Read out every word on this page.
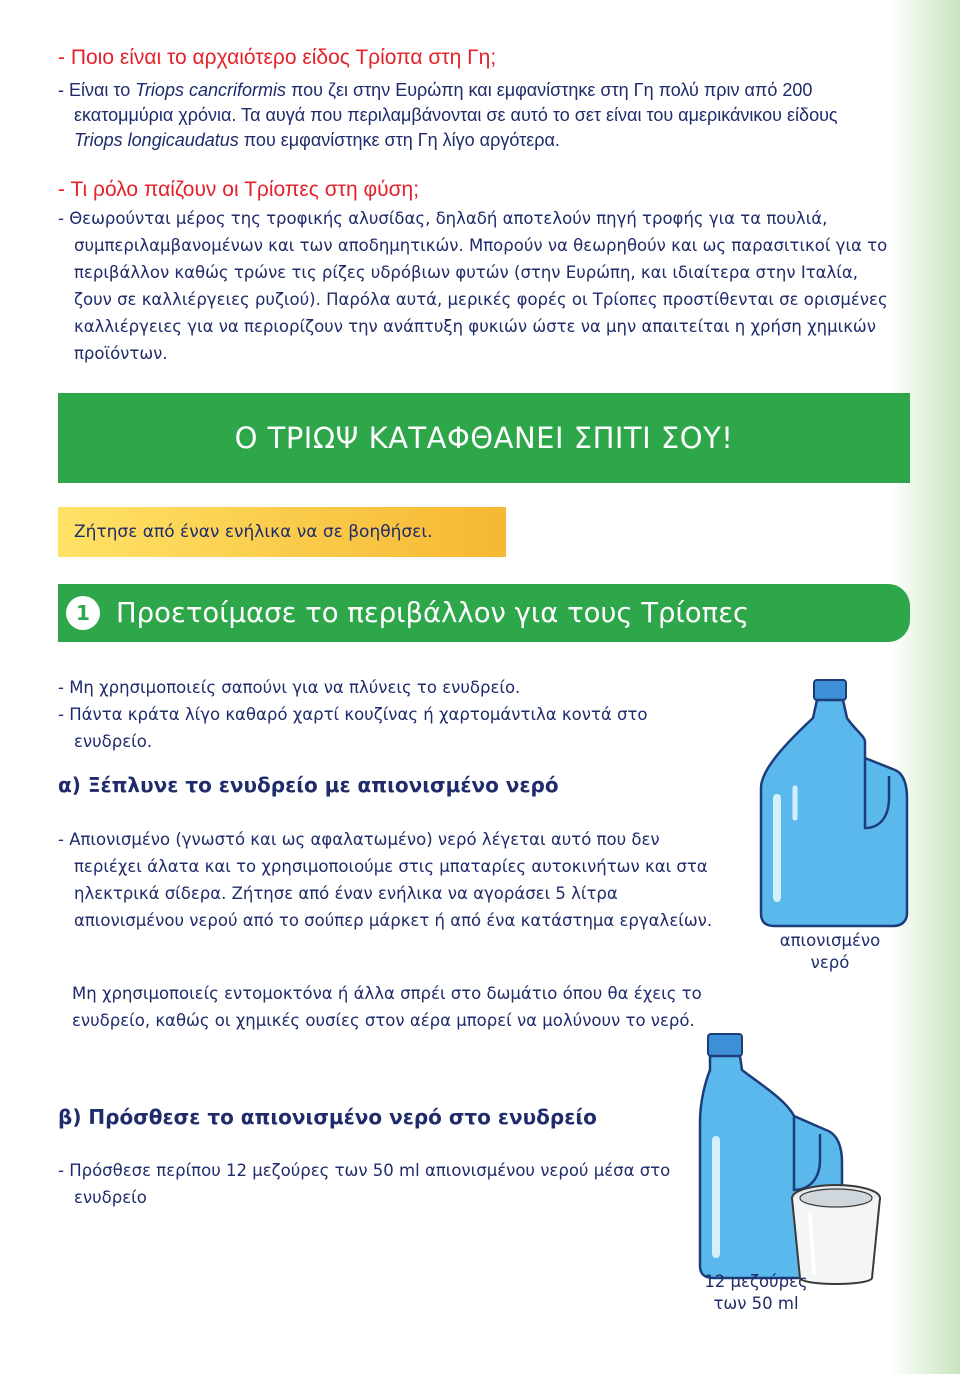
- Ποιο είναι το αρχαιότερο είδος Τρίοπα στη Γη;

- Είναι το Triops cancriformis που ζει στην Ευρώπη και εμφανίστηκε στη Γη πολύ πριν από 200 εκατομμύρια χρόνια. Τα αυγά που περιλαμβάνονται σε αυτό το σετ είναι του αμερικάνικου είδους Triops longicaudatus που εμφανίστηκε στη Γη λίγο αργότερα.

- Τι ρόλο παίζουν οι Τρίοπες στη φύση;

- Θεωρούνται μέρος της τροφικής αλυσίδας, δηλαδή αποτελούν πηγή τροφής για τα πουλιά, συμπεριλαμβανομένων και των αποδημητικών. Μπορούν να θεωρηθούν και ως παρασιτικοί για το περιβάλλον καθώς τρώνε τις ρίζες υδρόβιων φυτών (στην Ευρώπη, και ιδιαίτερα στην Ιταλία, ζουν σε καλλιέργειες ρυζιού). Παρόλα αυτά, μερικές φορές οι Τρίοπες προστίθενται σε ορισμένες καλλιέργειες για να περιορίζουν την ανάπτυξη φυκιών ώστε να μην απαιτείται η χρήση χημικών προϊόντων.

Ο ΤΡΙΩΨ ΚΑΤΑΦΘΑΝΕΙ ΣΠΙΤΙ ΣΟΥ!
Ζήτησε από έναν ενήλικα να σε βοηθήσει.
1 Προετοίμασε το περιβάλλον για τους Τρίοπες

- Μη χρησιμοποιείς σαπούνι για να πλύνεις το ενυδρείο.

- Πάντα κράτα λίγο καθαρό χαρτί κουζίνας ή χαρτομάντιλα κοντά στο ενυδρείο.

α) Ξέπλυνε το ενυδρείο με απιονισμένο νερό

- Απιονισμένο (γνωστό και ως αφαλατωμένο) νερό λέγεται αυτό που δεν περιέχει άλατα και το χρησιμοποιούμε στις μπαταρίες αυτοκινήτων και στα ηλεκτρικά σίδερα. Ζήτησε από έναν ενήλικα να αγοράσει 5 λίτρα απιονισμένου νερού από το σούπερ μάρκετ ή από ένα κατάστημα εργαλείων.

Μη χρησιμοποιείς εντομοκτόνα ή άλλα σπρέι στο δωμάτιο όπου θα έχεις το ενυδρείο, καθώς οι χημικές ουσίες στον αέρα μπορεί να μολύνουν το νερό.

β) Πρόσθεσε το απιονισμένο νερό στο ενυδρείο

- Πρόσθεσε περίπου 12 μεζούρες των 50 ml απιονισμένου νερού μέσα στο ενυδρείο

απιονισμένο
νερό
12 μεζούρες
των 50 ml
